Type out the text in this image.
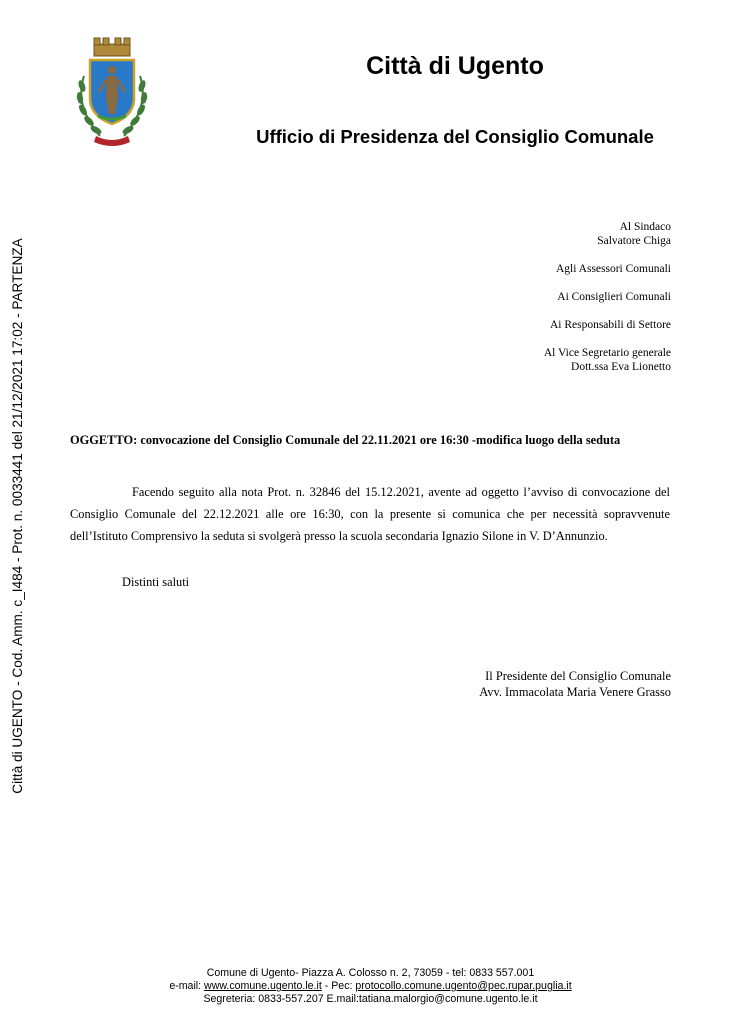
Città di Ugento
Ufficio di Presidenza del Consiglio Comunale
Città di UGENTO - Cod. Amm. c_I484 - Prot. n. 0033441 del 21/12/2021 17:02 - PARTENZA
Al Sindaco
Salvatore Chiga
Agli Assessori Comunali
Ai Consiglieri Comunali
Ai Responsabili di Settore
Al Vice Segretario generale
Dott.ssa Eva Lionetto
OGGETTO: convocazione del Consiglio Comunale del 22.11.2021 ore 16:30 -modifica luogo della seduta
Facendo seguito alla nota Prot. n. 32846 del 15.12.2021, avente ad oggetto l’avviso di convocazione del Consiglio Comunale del 22.12.2021 alle ore 16:30, con la presente si comunica che per necessità sopravvenute dell’Istituto Comprensivo la seduta si svolgerà presso la scuola secondaria Ignazio Silone in V. D’Annunzio.
Distinti saluti
Il Presidente del Consiglio Comunale
Avv. Immacolata Maria Venere Grasso
Comune di Ugento- Piazza A. Colosso n. 2, 73059 - tel: 0833 557.001
e-mail: www.comune.ugento.le.it - Pec: protocollo.comune.ugento@pec.rupar.puglia.it
Segreteria: 0833-557.207 E.mail:tatiana.malorgio@comune.ugento.le.it
